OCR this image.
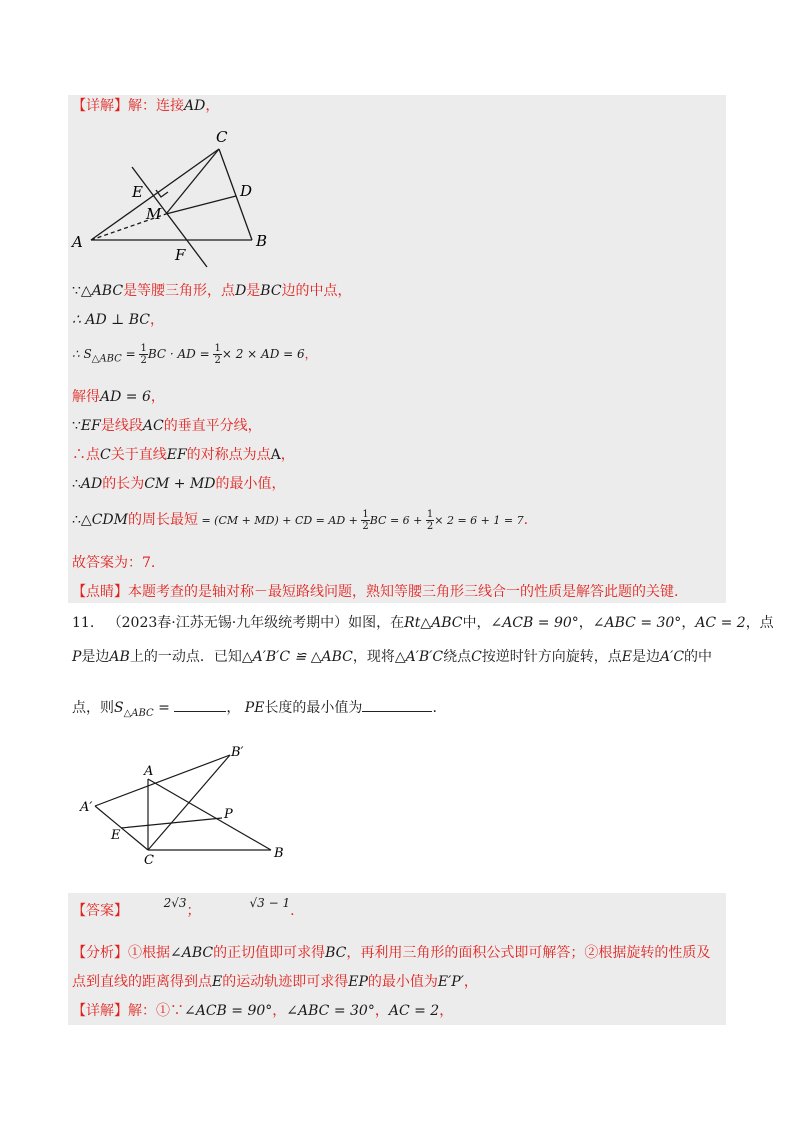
【详解】解：连接AD，
C
E	D
M
A	B
F
∵△ABC是等腰三角形，点D是BC边的中点，
∴ AD ⊥ BC，
∴ $S_{\triangle ABC} = \frac{1}{2}$ BC · AD = $\frac{1}{2} \times 2$ × AD = 6，
解得AD = 6，
∵EF是线段AC的垂直平分线，
∴点C关于直线EF的对称点为点A，
∴AD的长为CM + MD的最小值，
∴△CDM的周长最短 = (CM + MD) + CD = AD + $\frac{1}{2}$ BC = $6 + \frac{1}{2} \times 2 = 6 + 1 = 7$.
故答案为：7.
【点睛】本题考查的是轴对称－最短路线问题，熟知等腰三角形三线合一的性质是解答此题的关键.
11. （2023春·江苏无锡·九年级统考期中）如图，在Rt△ABC中，∠ACB = 90°，∠ABC = 30°，AC = 2，点
P是边AB上的一动点．已知△A′B′C ≌ △ABC，现将△A′B′C绕点C按逆时针方向旋转，点E是边A′C的中
点，则$S_{\triangle ABC}$ =	， PE长度的最小值为	.
B′
A
A′	P
E
C	B
【答案】	2√3；	√3 − 1.
【分析】①根据∠ABC的正切值即可求得BC，再利用三角形的面积公式即可解答；②根据旋转的性质及
点到直线的距离得到点E的运动轨迹即可求得EP的最小值为E′P′，
【详解】解：①∵∠ACB = 90°，∠ABC = 30°，AC = 2，
